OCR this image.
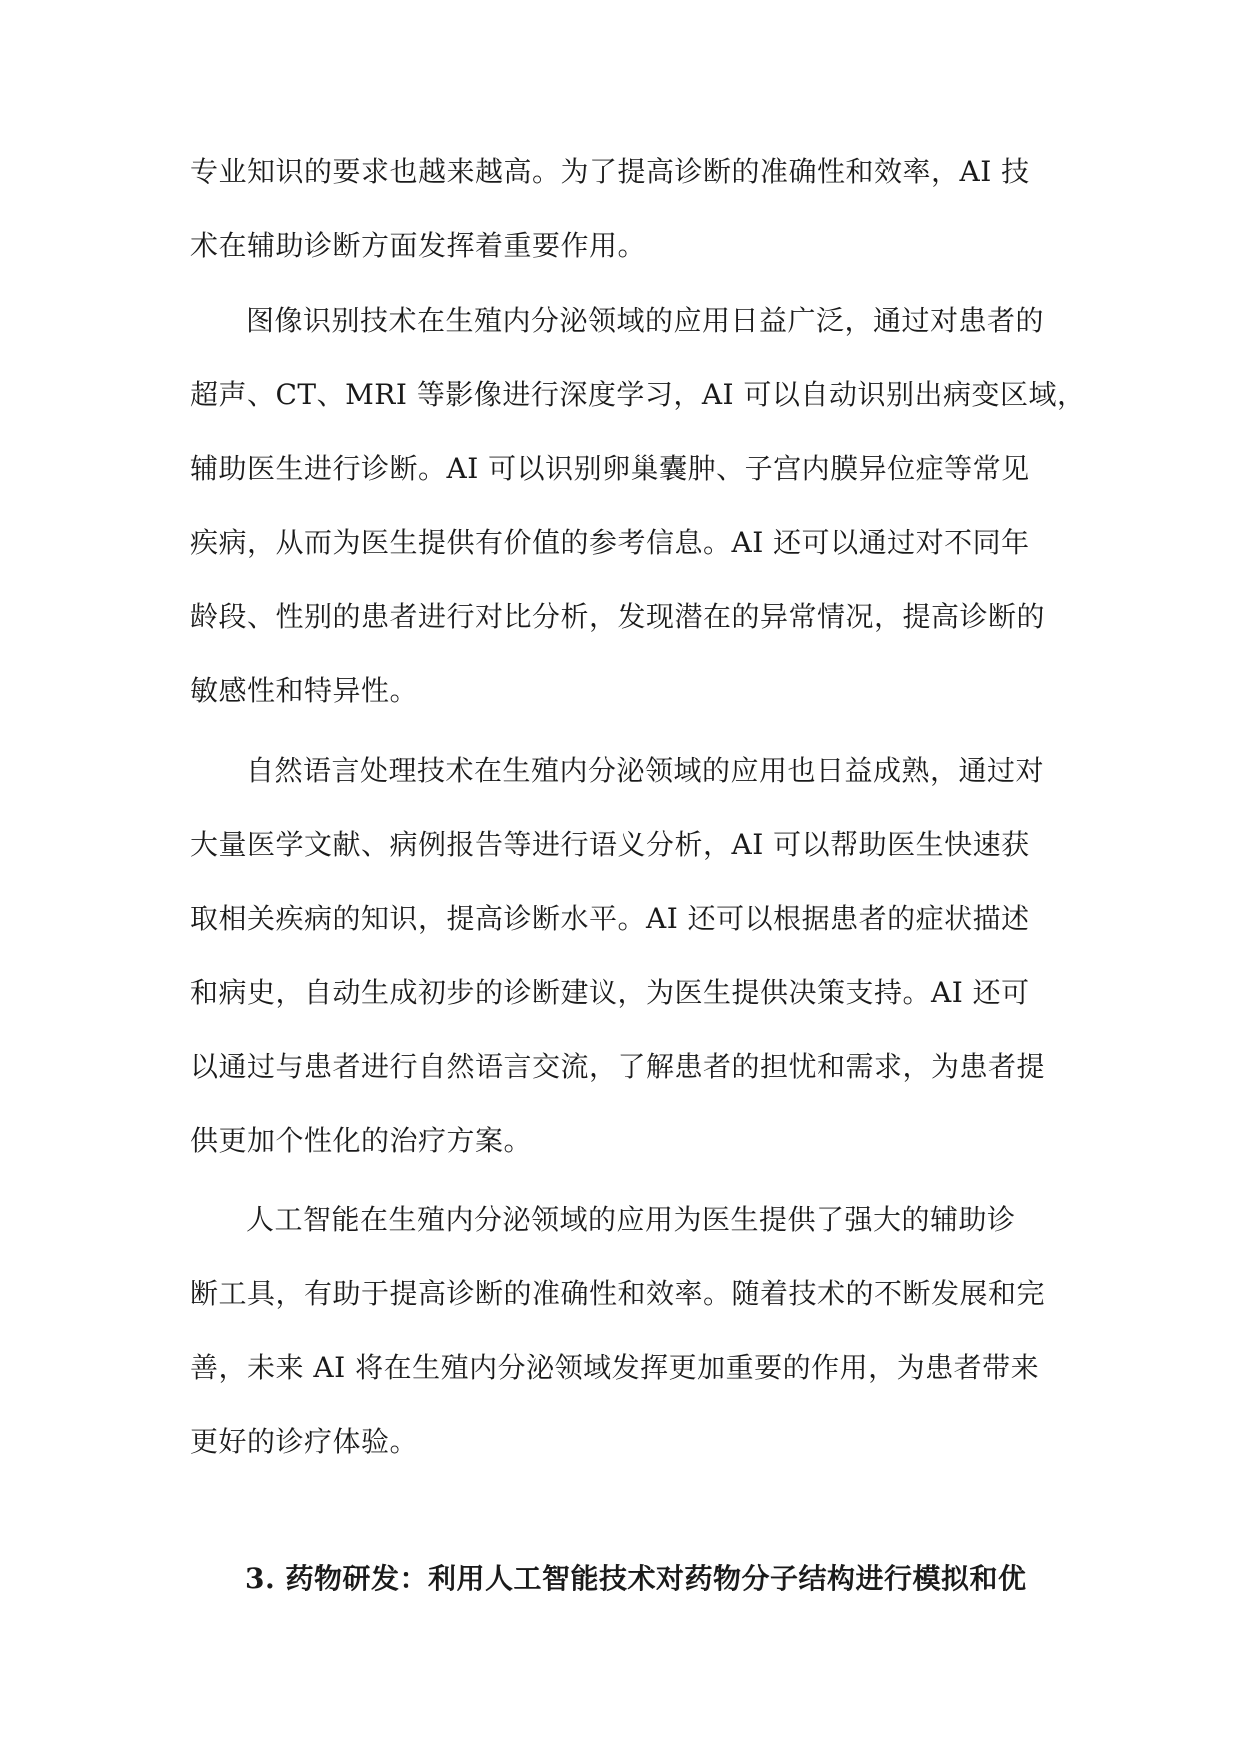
专业知识的要求也越来越高。为了提高诊断的准确性和效率，AI 技
术在辅助诊断方面发挥着重要作用。
图像识别技术在生殖内分泌领域的应用日益广泛，通过对患者的
超声、CT、MRI 等影像进行深度学习，AI 可以自动识别出病变区域，
辅助医生进行诊断。AI 可以识别卵巢囊肿、子宫内膜异位症等常见
疾病，从而为医生提供有价值的参考信息。AI 还可以通过对不同年
龄段、性别的患者进行对比分析，发现潜在的异常情况，提高诊断的
敏感性和特异性。
自然语言处理技术在生殖内分泌领域的应用也日益成熟，通过对
大量医学文献、病例报告等进行语义分析，AI 可以帮助医生快速获
取相关疾病的知识，提高诊断水平。AI 还可以根据患者的症状描述
和病史，自动生成初步的诊断建议，为医生提供决策支持。AI 还可
以通过与患者进行自然语言交流，了解患者的担忧和需求，为患者提
供更加个性化的治疗方案。
人工智能在生殖内分泌领域的应用为医生提供了强大的辅助诊
断工具，有助于提高诊断的准确性和效率。随着技术的不断发展和完
善，未来 AI 将在生殖内分泌领域发挥更加重要的作用，为患者带来
更好的诊疗体验。
3. 药物研发：利用人工智能技术对药物分子结构进行模拟和优
